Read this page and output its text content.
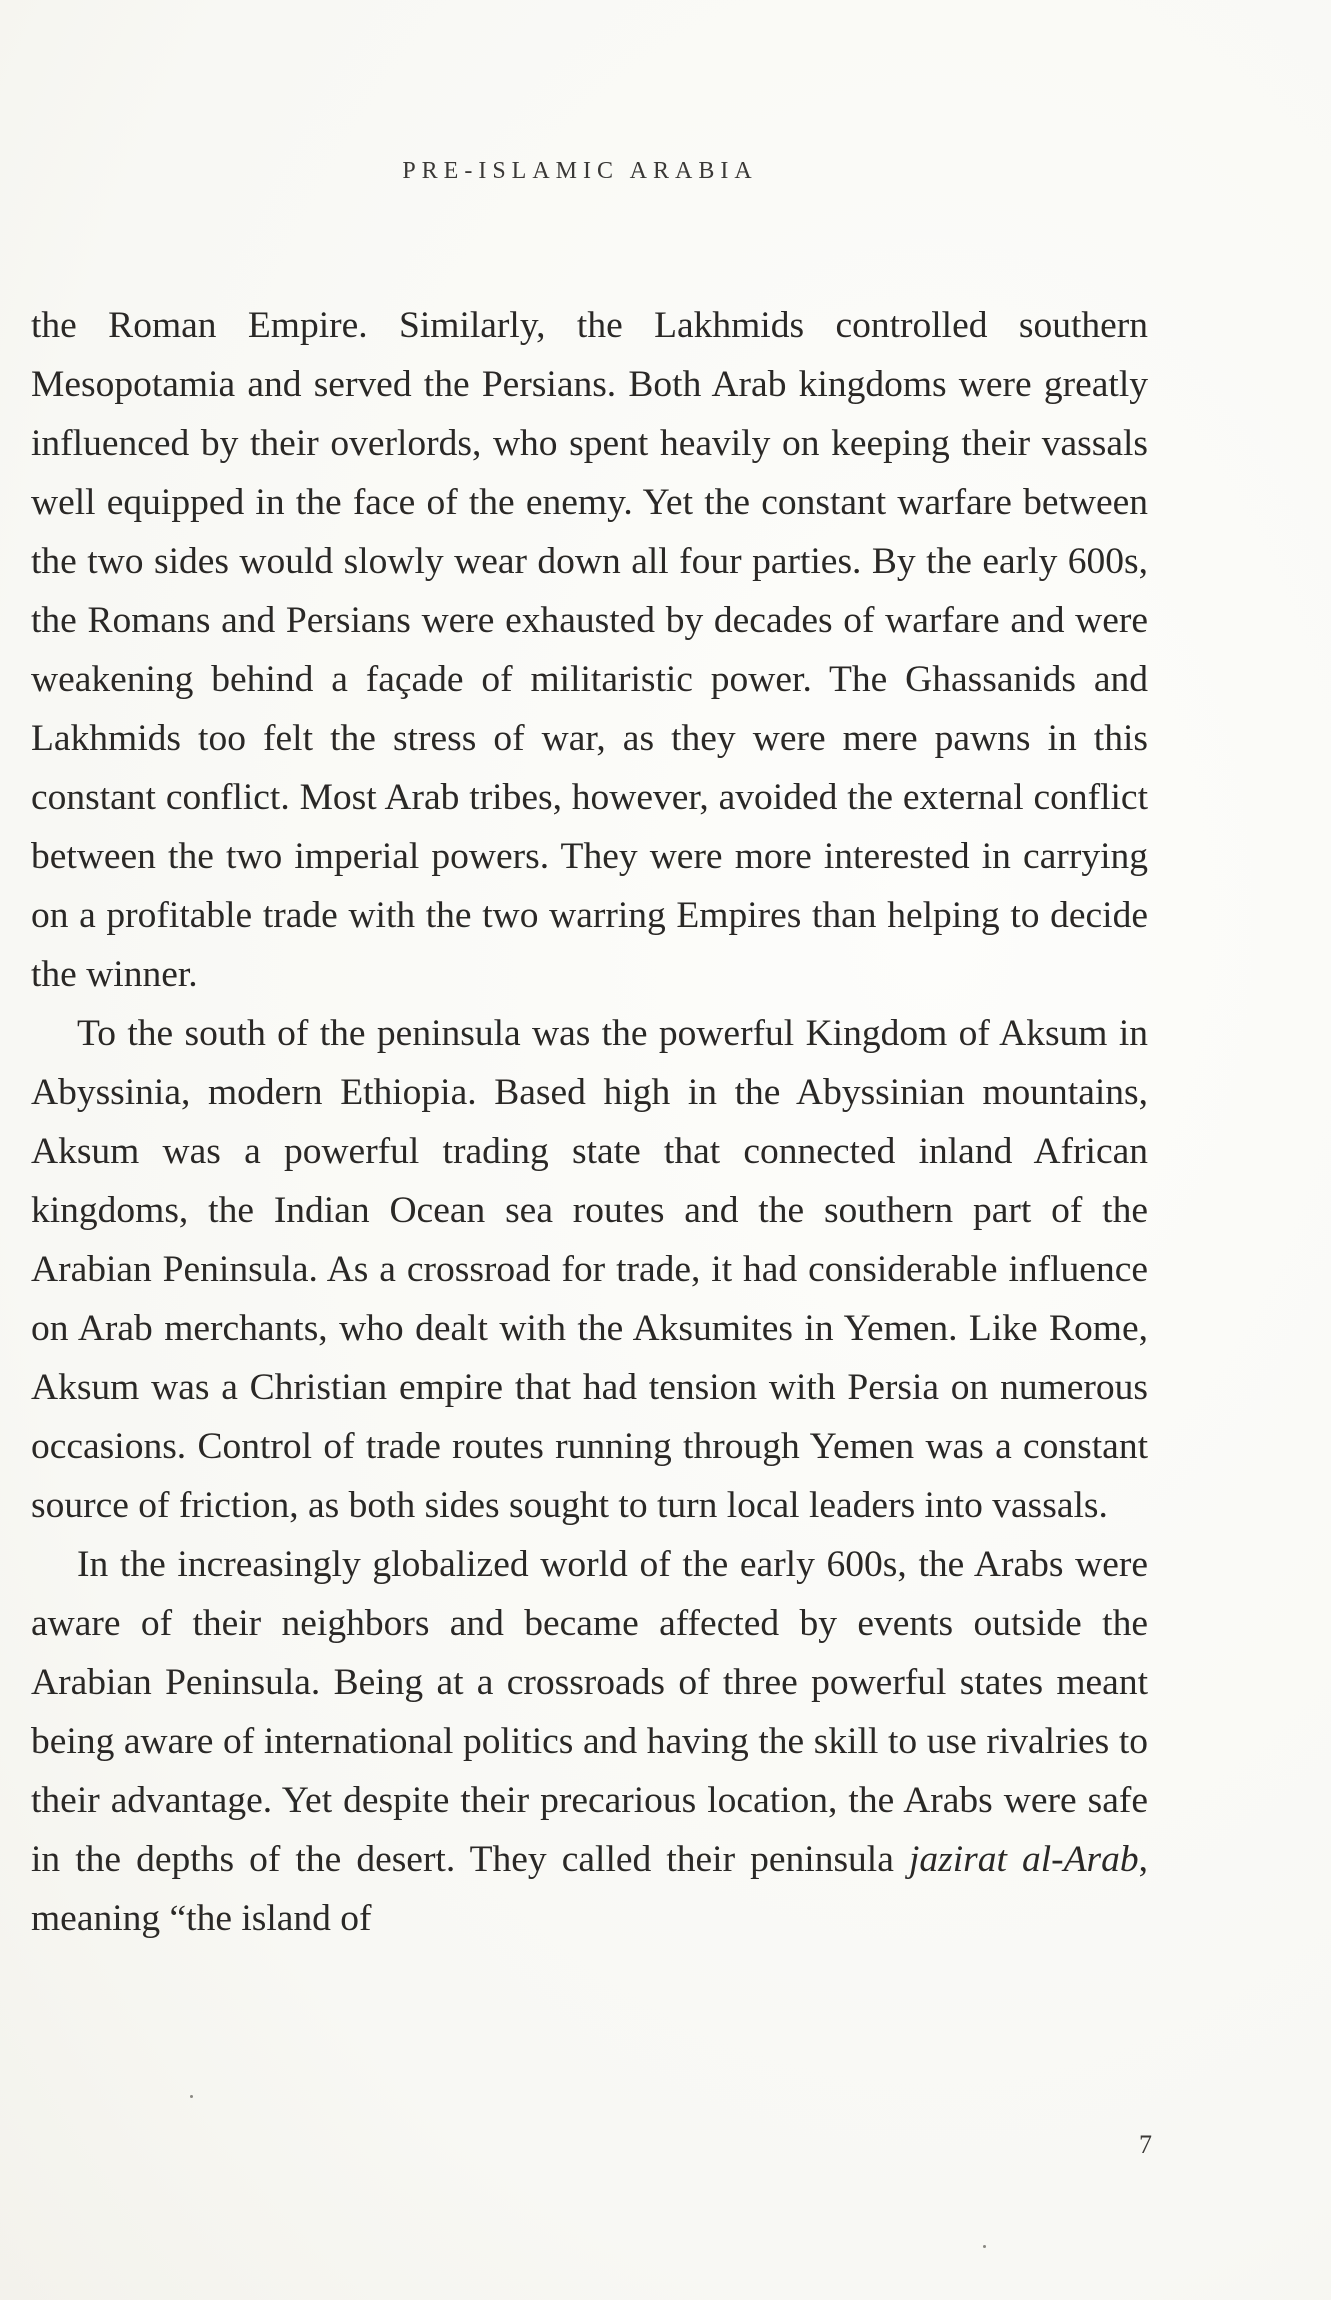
PRE-ISLAMIC ARABIA

the Roman Empire. Similarly, the Lakhmids controlled southern Mesopotamia and served the Persians. Both Arab kingdoms were greatly influenced by their overlords, who spent heavily on keeping their vassals well equipped in the face of the enemy. Yet the constant warfare between the two sides would slowly wear down all four parties. By the early 600s, the Romans and Persians were exhausted by decades of warfare and were weakening behind a façade of militaristic power. The Ghassanids and Lakhmids too felt the stress of war, as they were mere pawns in this constant conflict. Most Arab tribes, however, avoided the external conflict between the two imperial powers. They were more interested in carrying on a profitable trade with the two warring Empires than helping to decide the winner.

To the south of the peninsula was the powerful Kingdom of Aksum in Abyssinia, modern Ethiopia. Based high in the Abyssinian mountains, Aksum was a powerful trading state that connected inland African kingdoms, the Indian Ocean sea routes and the southern part of the Arabian Peninsula. As a crossroad for trade, it had considerable influence on Arab merchants, who dealt with the Aksumites in Yemen. Like Rome, Aksum was a Christian empire that had tension with Persia on numerous occasions. Control of trade routes running through Yemen was a constant source of friction, as both sides sought to turn local leaders into vassals.

In the increasingly globalized world of the early 600s, the Arabs were aware of their neighbors and became affected by events outside the Arabian Peninsula. Being at a crossroads of three powerful states meant being aware of international politics and having the skill to use rivalries to their advantage. Yet despite their precarious location, the Arabs were safe in the depths of the desert. They called their peninsula jazirat al-Arab, meaning “the island of

7
